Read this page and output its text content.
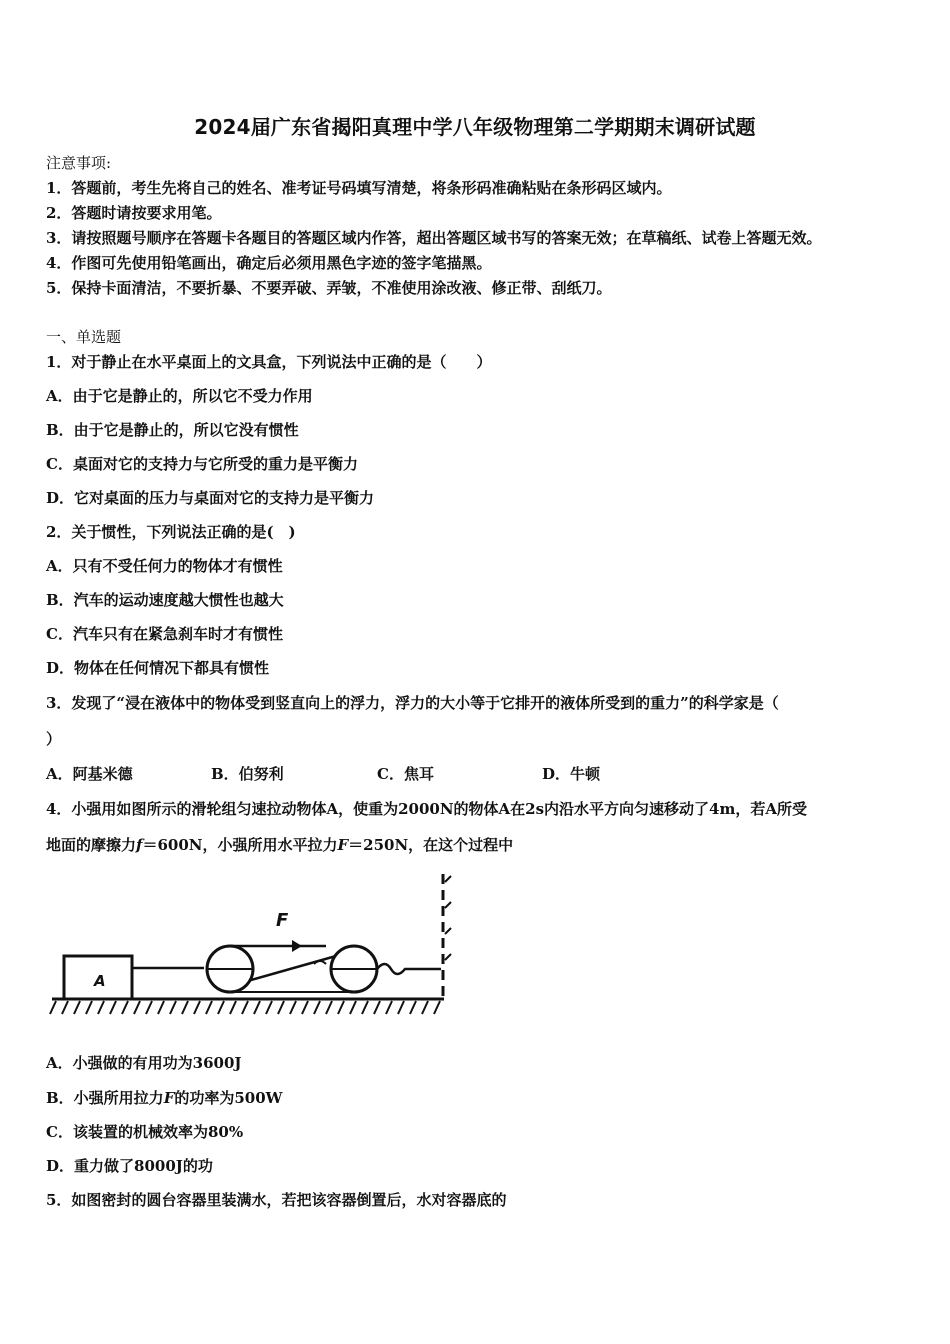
2024届广东省揭阳真理中学八年级物理第二学期期末调研试题
注意事项:
1．答题前，考生先将自己的姓名、准考证号码填写清楚，将条形码准确粘贴在条形码区域内。
2．答题时请按要求用笔。
3．请按照题号顺序在答题卡各题目的答题区域内作答，超出答题区域书写的答案无效；在草稿纸、试卷上答题无效。
4．作图可先使用铅笔画出，确定后必须用黑色字迹的签字笔描黑。
5．保持卡面清洁，不要折暴、不要弄破、弄皱，不准使用涂改液、修正带、刮纸刀。
一、单选题
1．对于静止在水平桌面上的文具盒，下列说法中正确的是（　　）
A．由于它是静止的，所以它不受力作用
B．由于它是静止的，所以它没有惯性
C．桌面对它的支持力与它所受的重力是平衡力
D．它对桌面的压力与桌面对它的支持力是平衡力
2．关于惯性，下列说法正确的是(　)
A．只有不受任何力的物体才有惯性
B．汽车的运动速度越大惯性也越大
C．汽车只有在紧急刹车时才有惯性
D．物体在任何情况下都具有惯性
3．发现了“浸在液体中的物体受到竖直向上的浮力，浮力的大小等于它排开的液体所受到的重力”的科学家是（
）
A．阿基米德	B．伯努利	C．焦耳	D．牛顿
4．小强用如图所示的滑轮组匀速拉动物体A，使重为2000N的物体A在2s内沿水平方向匀速移动了4m，若A所受
地面的摩擦力f＝600N，小强所用水平拉力F＝250N，在这个过程中
A
F
A．小强做的有用功为3600J
B．小强所用拉力F的功率为500W
C．该装置的机械效率为80%
D．重力做了8000J的功
5．如图密封的圆台容器里装满水，若把该容器倒置后，水对容器底的
